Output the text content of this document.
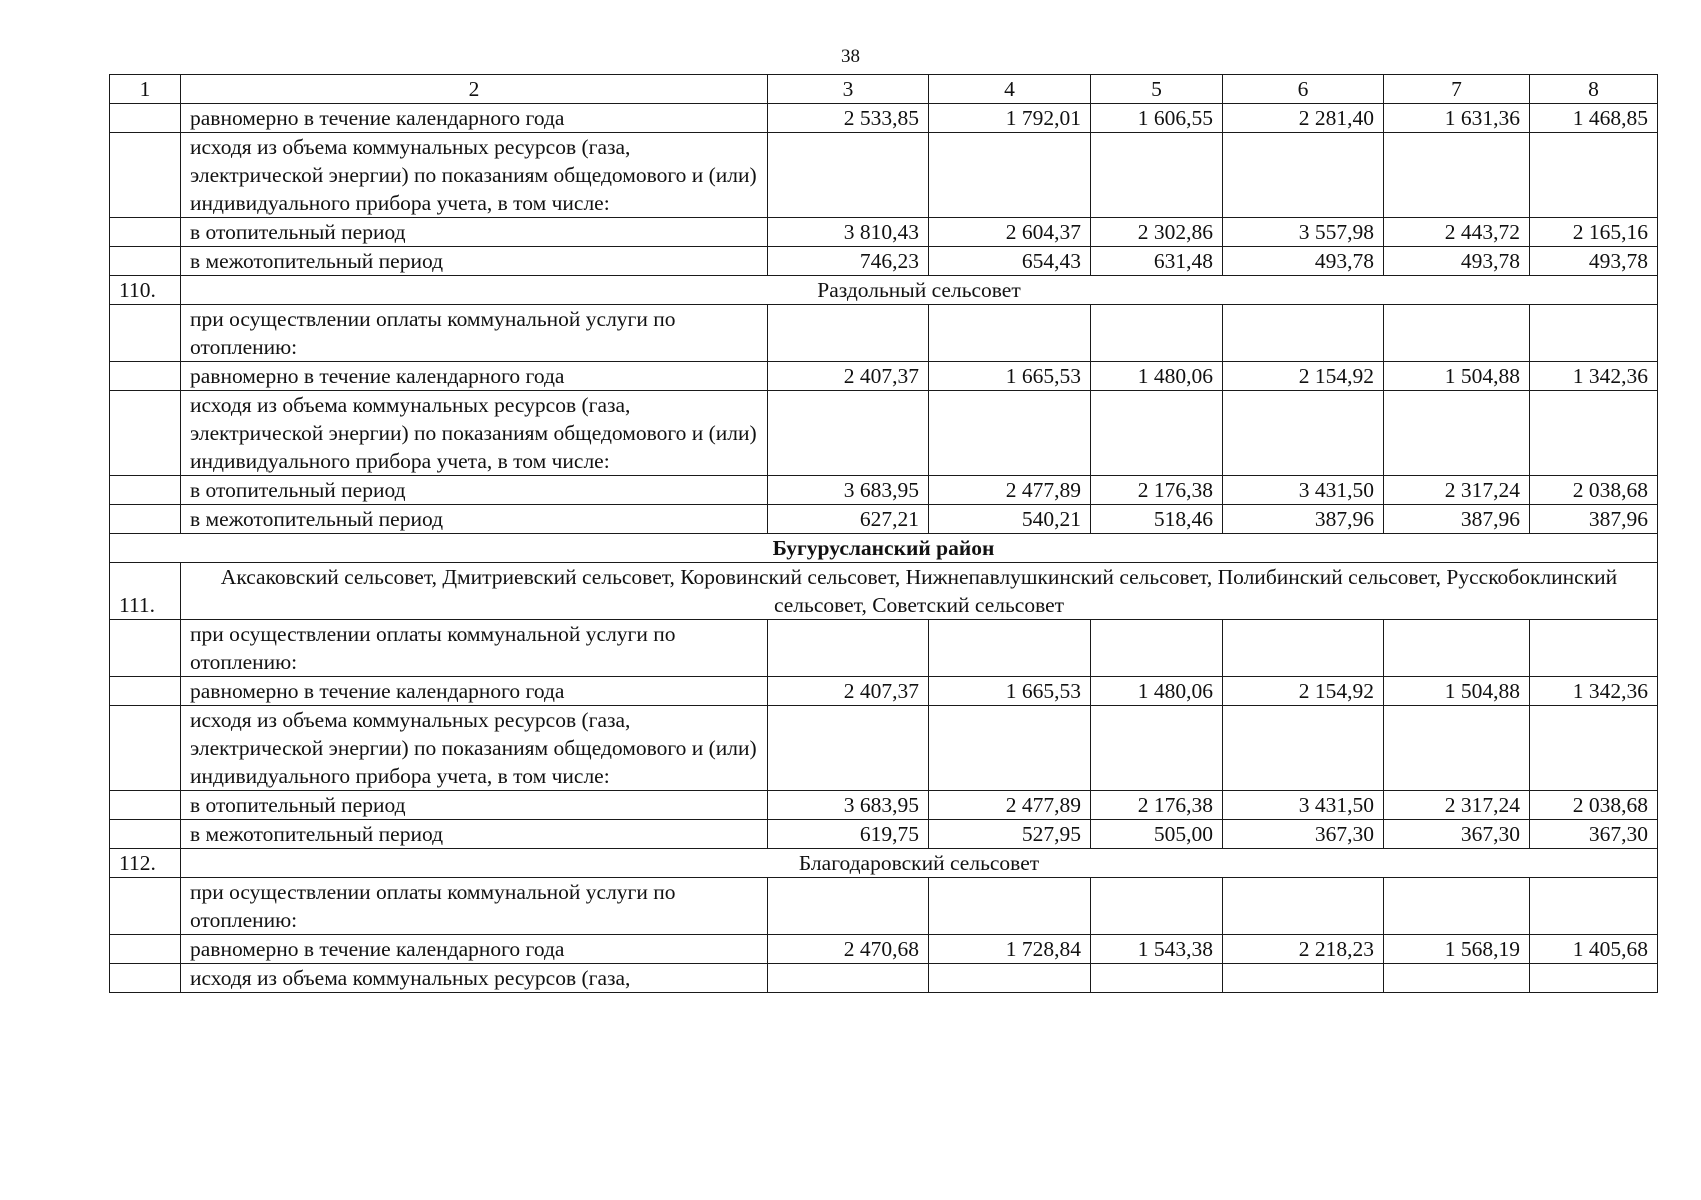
38
1	2	3	4	5	6	7	8
	равномерно в течение календарного года	2 533,85	1 792,01	1 606,55	2 281,40	1 631,36	1 468,85
	исходя из объема коммунальных ресурсов (газа, электрической энергии) по показаниям общедомового и (или) индивидуального прибора учета, в том числе:						
	в отопительный период	3 810,43	2 604,37	2 302,86	3 557,98	2 443,72	2 165,16
	в межотопительный период	746,23	654,43	631,48	493,78	493,78	493,78
110.	Раздольный сельсовет						
	при осуществлении оплаты коммунальной услуги по отоплению:						
	равномерно в течение календарного года	2 407,37	1 665,53	1 480,06	2 154,92	1 504,88	1 342,36
	исходя из объема коммунальных ресурсов (газа, электрической энергии) по показаниям общедомового и (или) индивидуального прибора учета, в том числе:						
	в отопительный период	3 683,95	2 477,89	2 176,38	3 431,50	2 317,24	2 038,68
	в межотопительный период	627,21	540,21	518,46	387,96	387,96	387,96
Бугурусланский район							
111.	Аксаковский сельсовет, Дмитриевский сельсовет, Коровинский сельсовет, Нижнепавлушкинский сельсовет, Полибинский сельсовет, Русскобоклинский сельсовет, Советский сельсовет						
	при осуществлении оплаты коммунальной услуги по отоплению:						
	равномерно в течение календарного года	2 407,37	1 665,53	1 480,06	2 154,92	1 504,88	1 342,36
	исходя из объема коммунальных ресурсов (газа, электрической энергии) по показаниям общедомового и (или) индивидуального прибора учета, в том числе:						
	в отопительный период	3 683,95	2 477,89	2 176,38	3 431,50	2 317,24	2 038,68
	в межотопительный период	619,75	527,95	505,00	367,30	367,30	367,30
112.	Благодаровский сельсовет						
	при осуществлении оплаты коммунальной услуги по отоплению:						
	равномерно в течение календарного года	2 470,68	1 728,84	1 543,38	2 218,23	1 568,19	1 405,68
	исходя из объема коммунальных ресурсов (газа,						
